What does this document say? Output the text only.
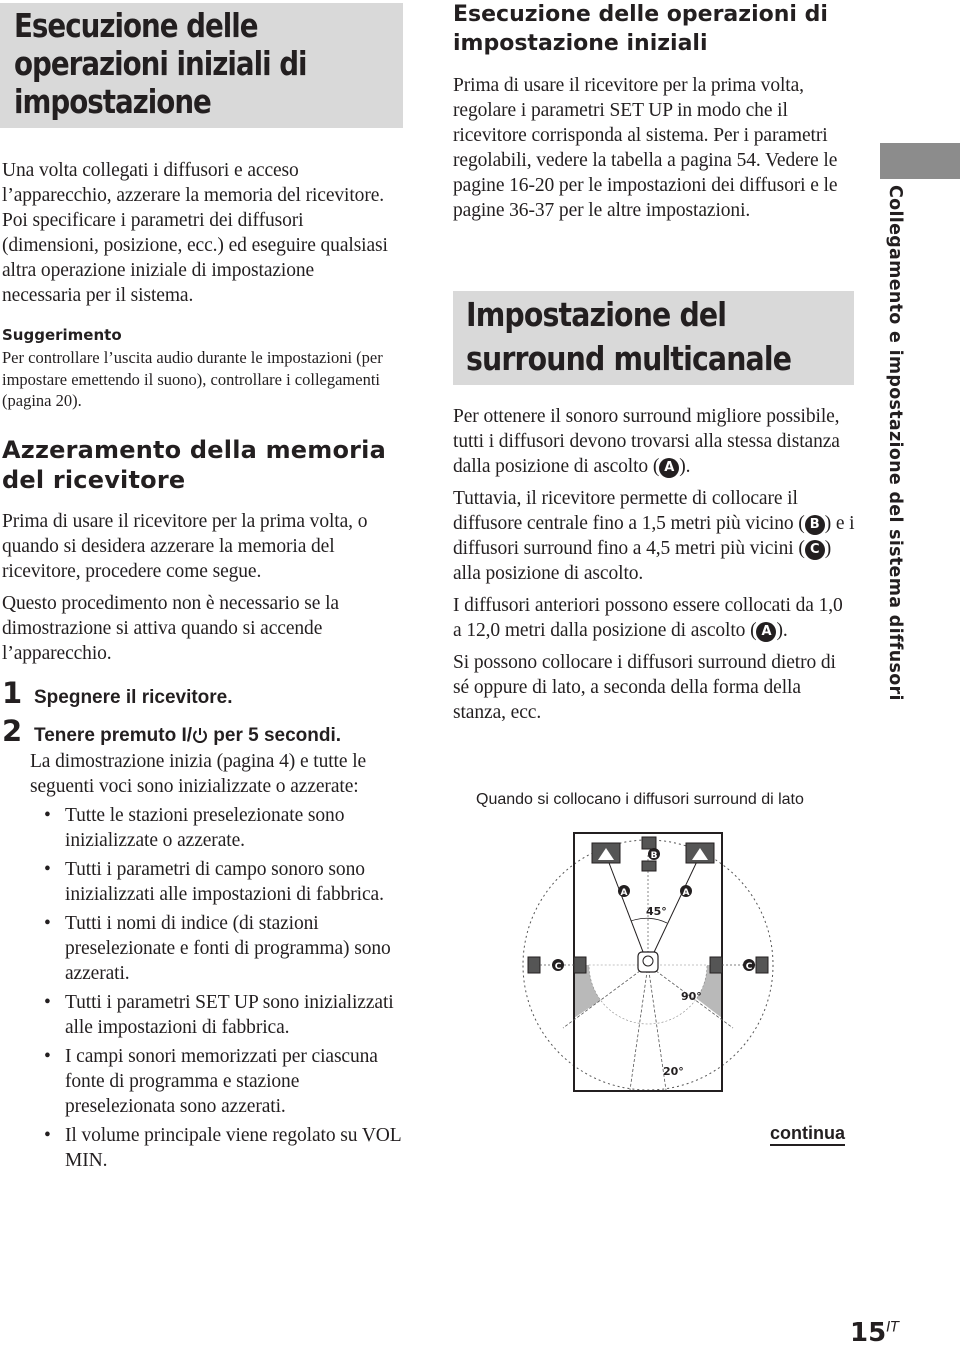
Esecuzione delle operazioni iniziali di impostazione

Una volta collegati i diffusori e acceso l’apparecchio, azzerare la memoria del ricevitore. Poi specificare i parametri dei diffusori (dimensioni, posizione, ecc.) ed eseguire qualsiasi altra operazione iniziale di impostazione necessaria per il sistema.

Suggerimento
Per controllare l’uscita audio durante le impostazioni (per impostare emettendo il suono), controllare i collegamenti (pagina 20).
Azzeramento della memoria del ricevitore

Prima di usare il ricevitore per la prima volta, o quando si desidera azzerare la memoria del ricevitore, procedere come segue.

Questo procedimento non è necessario se la dimostrazione si attiva quando si accende l’apparecchio.

1 Spegnere il ricevitore.
2 Tenere premuto I/ per 5 secondi.
La dimostrazione inizia (pagina 4) e tutte le seguenti voci sono inizializzate o azzerate:
• Tutte le stazioni preselezionate sono inizializzate o azzerate.
• Tutti i parametri di campo sonoro sono inizializzati alle impostazioni di fabbrica.
• Tutti i nomi di indice (di stazioni preselezionate e fonti di programma) sono azzerati.
• Tutti i parametri SET UP sono inizializzati alle impostazioni di fabbrica.
• I campi sonori memorizzati per ciascuna fonte di programma e stazione preselezionata sono azzerati.
• Il volume principale viene regolato su VOL MIN.
Esecuzione delle operazioni di impostazione iniziali
Prima di usare il ricevitore per la prima volta, regolare i parametri SET UP in modo che il ricevitore corrisponda al sistema. Per i parametri regolabili, vedere la tabella a pagina 54. Vedere le pagine 16-20 per le impostazioni dei diffusori e le pagine 36-37 per le altre impostazioni.
Impostazione del surround multicanale

Per ottenere il sonoro surround migliore possibile, tutti i diffusori devono trovarsi alla stessa distanza dalla posizione di ascolto ( A ).

Tuttavia, il ricevitore permette di collocare il diffusore centrale fino a 1,5 metri più vicino ( B ) e i diffusori surround fino a 4,5 metri più vicini ( C ) alla posizione di ascolto.

I diffusori anteriori possono essere collocati da 1,0 a 12,0 metri dalla posizione di ascolto ( A ).

Si possono collocare i diffusori surround dietro di sé oppure di lato, a seconda della forma della stanza, ecc.

Quando si collocano i diffusori surround di lato
B
A	A
C	C
45°
90°
20°
continua
Collegamento e impostazione del sistema diffusori
$15^{IT}$
